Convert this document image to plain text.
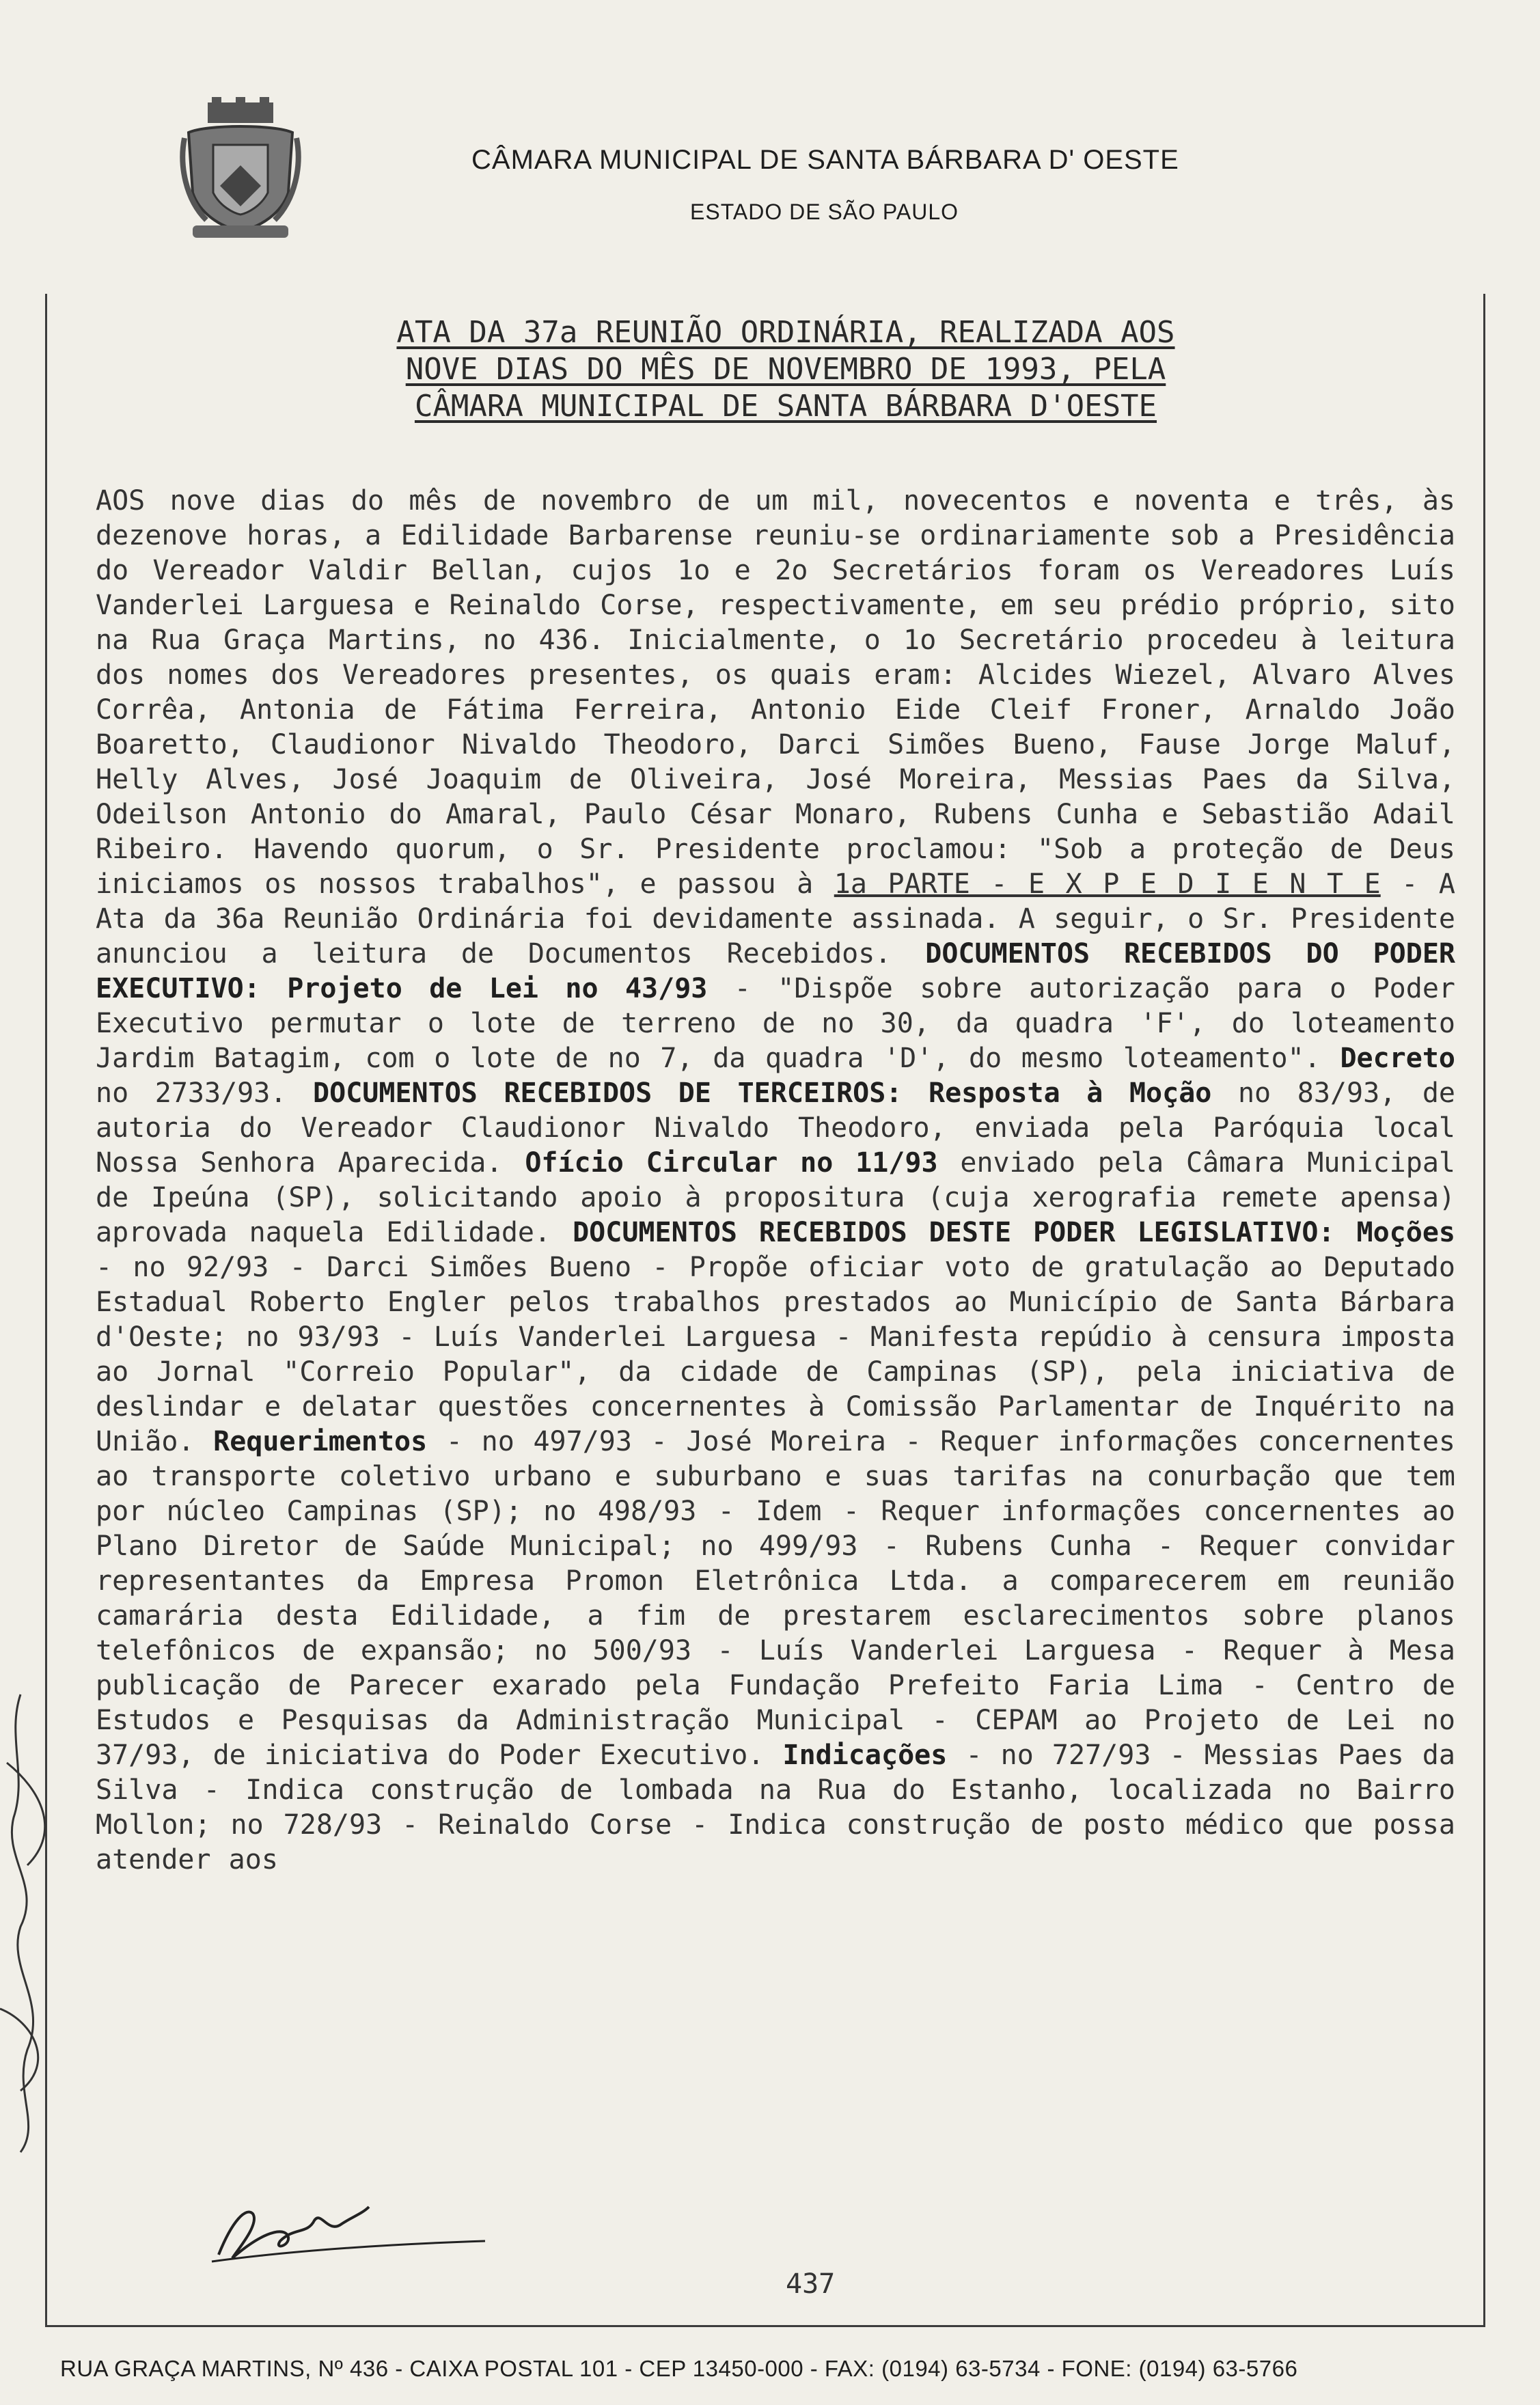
CÂMARA MUNICIPAL DE SANTA BÁRBARA D' OESTE
ESTADO DE SÃO PAULO
ATA DA 37a REUNIÃO ORDINÁRIA, REALIZADA AOS
NOVE DIAS DO MÊS DE NOVEMBRO DE 1993, PELA
CÂMARA MUNICIPAL DE SANTA BÁRBARA D'OESTE
AOS nove dias do mês de novembro de um mil, novecentos e noventa e três, às dezenove horas, a Edilidade Barbarense reuniu-se ordinariamente sob a Presidência do Vereador Valdir Bellan, cujos 1o e 2o Secretários foram os Vereadores Luís Vanderlei Larguesa e Reinaldo Corse, respectivamente, em seu prédio próprio, sito na Rua Graça Martins, no 436. Inicialmente, o 1o Secretário procedeu à leitura dos nomes dos Vereadores presentes, os quais eram: Alcides Wiezel, Alvaro Alves Corrêa, Antonia de Fátima Ferreira, Antonio Eide Cleif Froner, Arnaldo João Boaretto, Claudionor Nivaldo Theodoro, Darci Simões Bueno, Fause Jorge Maluf, Helly Alves, José Joaquim de Oliveira, José Moreira, Messias Paes da Silva, Odeilson Antonio do Amaral, Paulo César Monaro, Rubens Cunha e Sebastião Adail Ribeiro. Havendo quorum, o Sr. Presidente proclamou: "Sob a proteção de Deus iniciamos os nossos trabalhos", e passou à 1a PARTE - E X P E D I E N T E - A Ata da 36a Reunião Ordinária foi devidamente assinada. A seguir, o Sr. Presidente anunciou a leitura de Documentos Recebidos. DOCUMENTOS RECEBIDOS DO PODER EXECUTIVO: Projeto de Lei no 43/93 - "Dispõe sobre autorização para o Poder Executivo permutar o lote de terreno de no 30, da quadra 'F', do loteamento Jardim Batagim, com o lote de no 7, da quadra 'D', do mesmo loteamento". Decreto no 2733/93. DOCUMENTOS RECEBIDOS DE TERCEIROS: Resposta à Moção no 83/93, de autoria do Vereador Claudionor Nivaldo Theodoro, enviada pela Paróquia local Nossa Senhora Aparecida. Ofício Circular no 11/93 enviado pela Câmara Municipal de Ipeúna (SP), solicitando apoio à propositura (cuja xerografia remete apensa) aprovada naquela Edilidade. DOCUMENTOS RECEBIDOS DESTE PODER LEGISLATIVO: Moções - no 92/93 - Darci Simões Bueno - Propõe oficiar voto de gratulação ao Deputado Estadual Roberto Engler pelos trabalhos prestados ao Município de Santa Bárbara d'Oeste; no 93/93 - Luís Vanderlei Larguesa - Manifesta repúdio à censura imposta ao Jornal "Correio Popular", da cidade de Campinas (SP), pela iniciativa de deslindar e delatar questões concernentes à Comissão Parlamentar de Inquérito na União. Requerimentos - no 497/93 - José Moreira - Requer informações concernentes ao transporte coletivo urbano e suburbano e suas tarifas na conurbação que tem por núcleo Campinas (SP); no 498/93 - Idem - Requer informações concernentes ao Plano Diretor de Saúde Municipal; no 499/93 - Rubens Cunha - Requer convidar representantes da Empresa Promon Eletrônica Ltda. a comparecerem em reunião camarária desta Edilidade, a fim de prestarem esclarecimentos sobre planos telefônicos de expansão; no 500/93 - Luís Vanderlei Larguesa - Requer à Mesa publicação de Parecer exarado pela Fundação Prefeito Faria Lima - Centro de Estudos e Pesquisas da Administração Municipal - CEPAM ao Projeto de Lei no 37/93, de iniciativa do Poder Executivo. Indicações - no 727/93 - Messias Paes da Silva - Indica construção de lombada na Rua do Estanho, localizada no Bairro Mollon; no 728/93 - Reinaldo Corse - Indica construção de posto médico que possa atender aos
437
RUA GRAÇA MARTINS, Nº 436 - CAIXA POSTAL 101 - CEP 13450-000 - FAX: (0194) 63-5734 - FONE: (0194) 63-5766
